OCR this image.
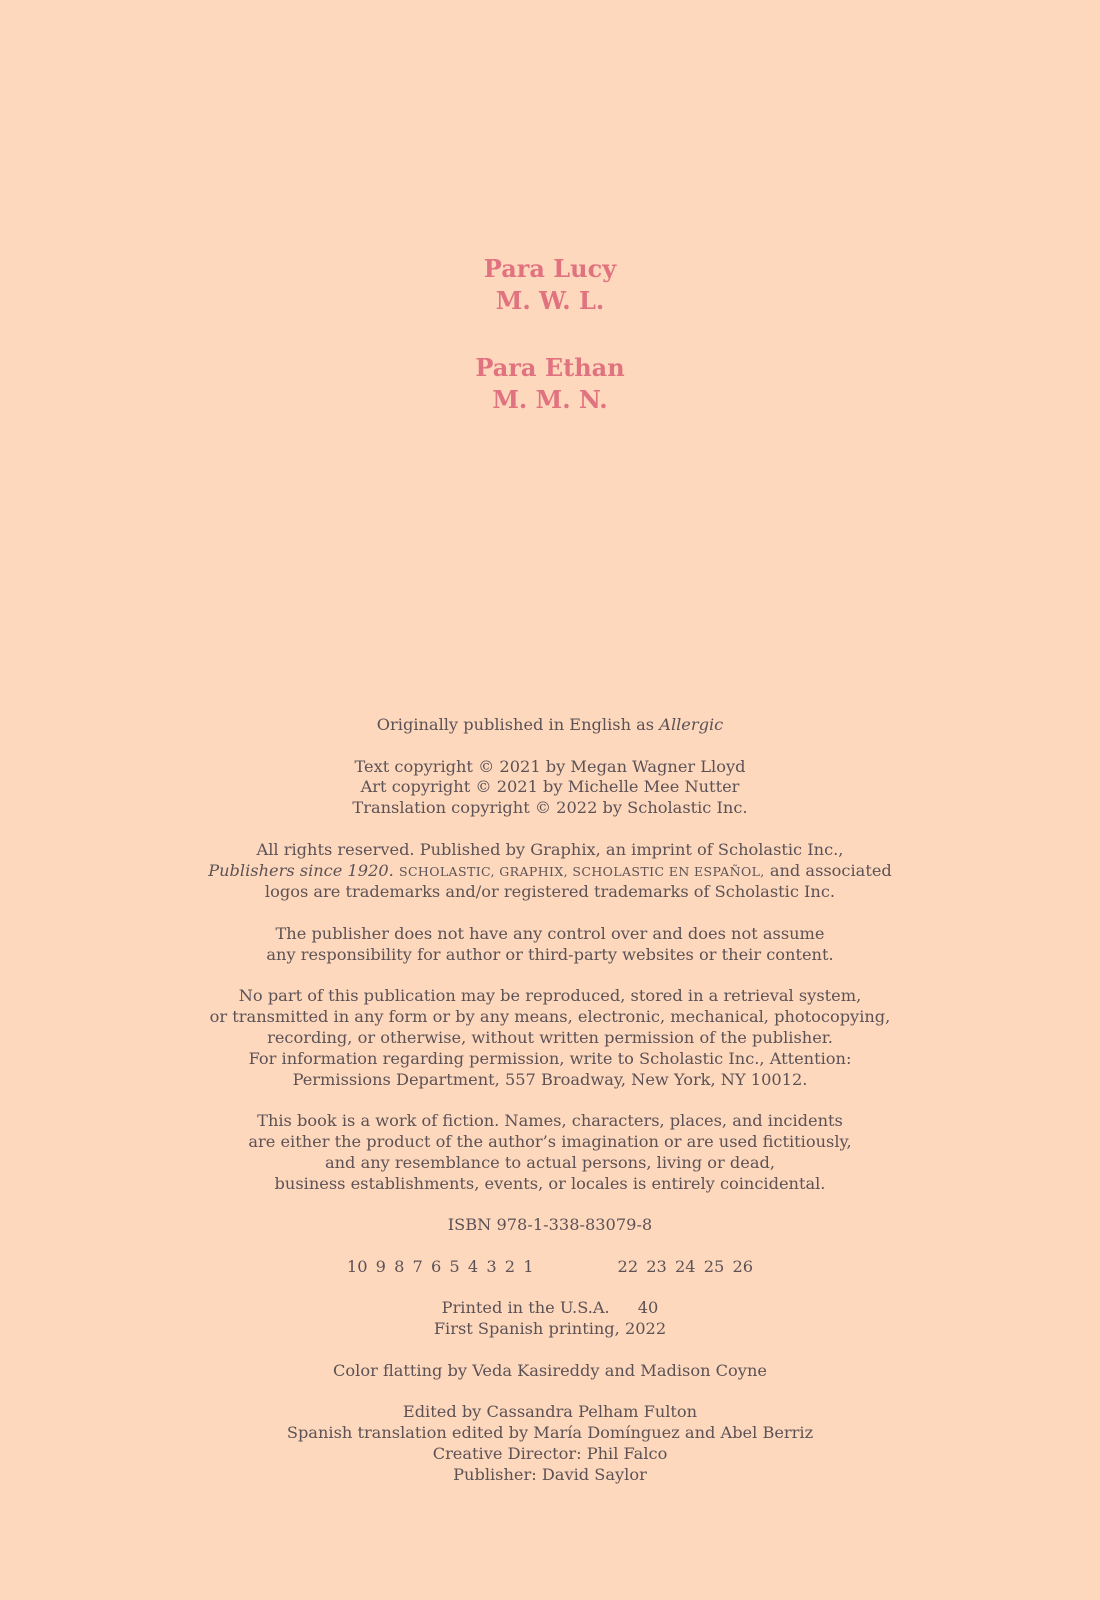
Para Lucy
M. W. L.
Para Ethan
M. M. N.

Originally published in English as Allergic

Text copyright © 2021 by Megan Wagner Lloyd
Art copyright © 2021 by Michelle Mee Nutter
Translation copyright © 2022 by Scholastic Inc.

All rights reserved. Published by Graphix, an imprint of Scholastic Inc.,
Publishers since 1920. SCHOLASTIC, GRAPHIX, SCHOLASTIC EN ESPAÑOL, and associated
logos are trademarks and/or registered trademarks of Scholastic Inc.

The publisher does not have any control over and does not assume
any responsibility for author or third-party websites or their content.

No part of this publication may be reproduced, stored in a retrieval system,
or transmitted in any form or by any means, electronic, mechanical, photocopying,
recording, or otherwise, without written permission of the publisher.
For information regarding permission, write to Scholastic Inc., Attention:
Permissions Department, 557 Broadway, New York, NY 10012.

This book is a work of fiction. Names, characters, places, and incidents
are either the product of the author’s imagination or are used fictitiously,
and any resemblance to actual persons, living or dead,
business establishments, events, or locales is entirely coincidental.

ISBN 978-1-338-83079-8

10 9 8 7 6 5 4 3 2 1	22 23 24 25 26

Printed in the U.S.A. 40
First Spanish printing, 2022

Color flatting by Veda Kasireddy and Madison Coyne

Edited by Cassandra Pelham Fulton
Spanish translation edited by María Domínguez and Abel Berriz
Creative Director: Phil Falco
Publisher: David Saylor
